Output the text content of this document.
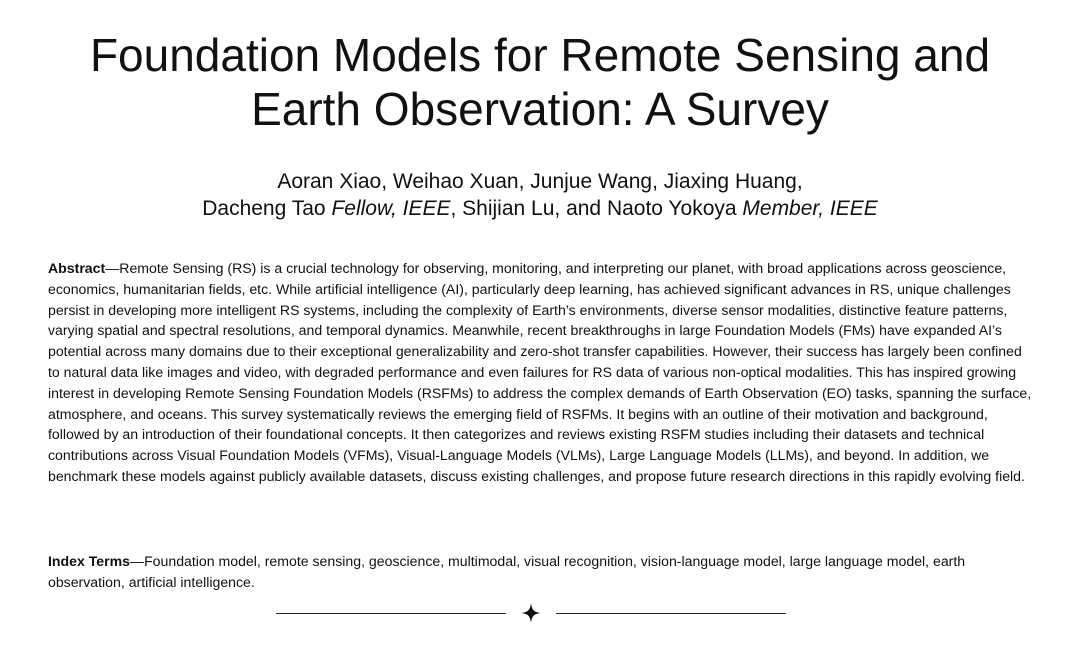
Foundation Models for Remote Sensing and
Earth Observation: A Survey
Aoran Xiao, Weihao Xuan, Junjue Wang, Jiaxing Huang,
Dacheng Tao Fellow, IEEE, Shijian Lu, and Naoto Yokoya Member, IEEE

Abstract—Remote Sensing (RS) is a crucial technology for observing, monitoring, and interpreting our planet, with broad applications across geoscience, economics, humanitarian fields, etc. While artificial intelligence (AI), particularly deep learning, has achieved significant advances in RS, unique challenges persist in developing more intelligent RS systems, including the complexity of Earth’s environments, diverse sensor modalities, distinctive feature patterns, varying spatial and spectral resolutions, and temporal dynamics. Meanwhile, recent breakthroughs in large Foundation Models (FMs) have expanded AI’s potential across many domains due to their exceptional generalizability and zero-shot transfer capabilities. However, their success has largely been confined to natural data like images and video, with degraded performance and even failures for RS data of various non-optical modalities. This has inspired growing interest in developing Remote Sensing Foundation Models (RSFMs) to address the complex demands of Earth Observation (EO) tasks, spanning the surface, atmosphere, and oceans. This survey systematically reviews the emerging field of RSFMs. It begins with an outline of their motivation and background, followed by an introduction of their foundational concepts. It then categorizes and reviews existing RSFM studies including their datasets and technical contributions across Visual Foundation Models (VFMs), Visual-Language Models (VLMs), Large Language Models (LLMs), and beyond. In addition, we benchmark these models against publicly available datasets, discuss existing challenges, and propose future research directions in this rapidly evolving field.

Index Terms—Foundation model, remote sensing, geoscience, multimodal, visual recognition, vision-language model, large language model, earth observation, artificial intelligence.
